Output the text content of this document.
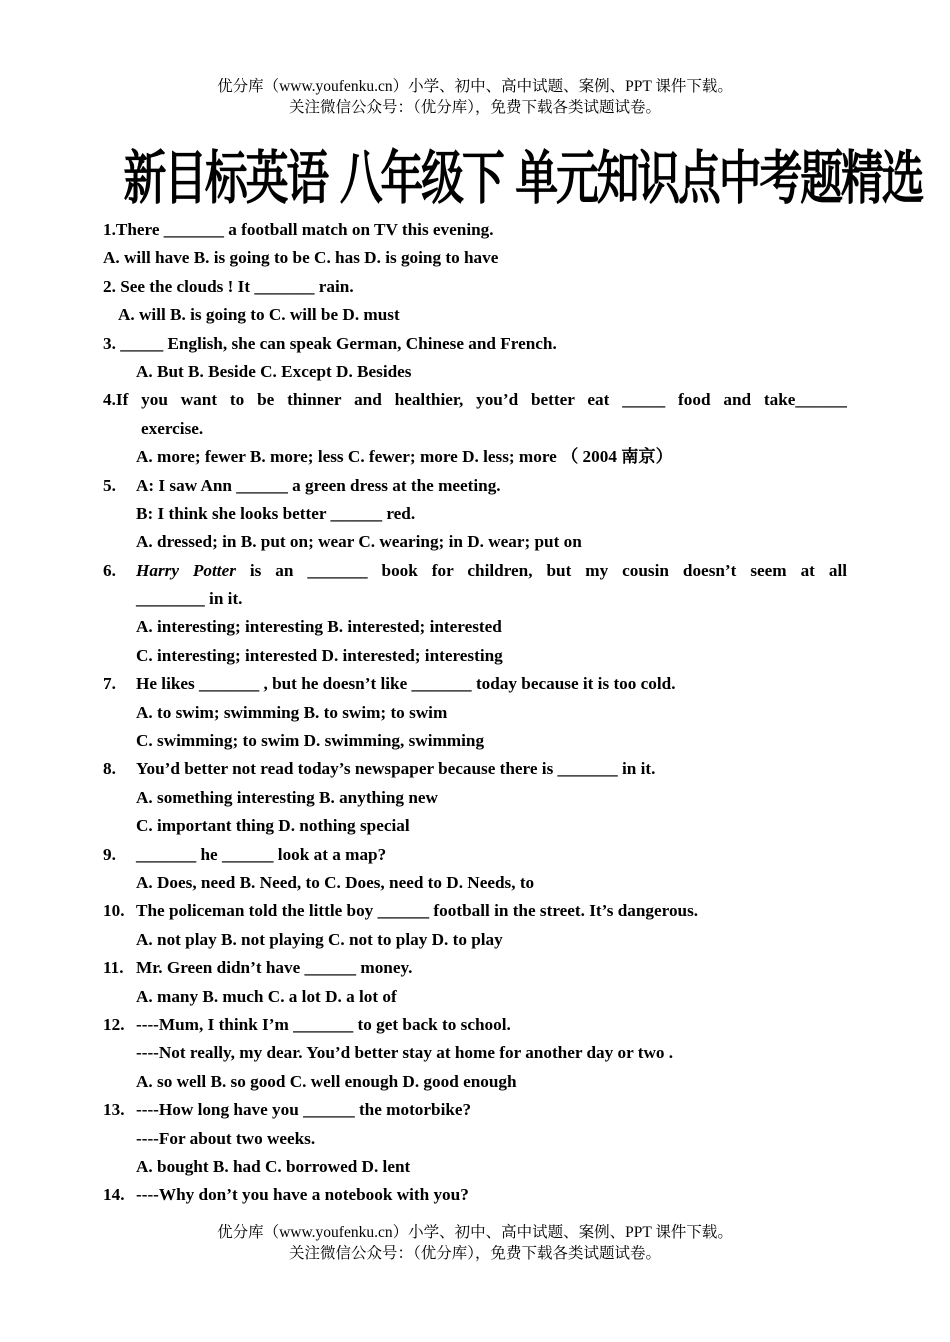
优分库（www.youfenku.cn）小学、初中、高中试题、案例、PPT 课件下载。
关注微信公众号：（优分库），免费下载各类试题试卷。
新目标英语 八年级下 单元知识点中考题精选
1.There _______ a football match on TV this evening.
A. will have B. is going to be C. has D. is going to have
2. See the clouds ! It _______ rain.
A. will B. is going to C. will be D. must
3. _____ English, she can speak German, Chinese and French.
A. But B. Beside C. Except D. Besides
4.If you want to be thinner and healthier, you’d better eat _____ food and take______
exercise.
A. more; fewer B. more; less C. fewer; more D. less; more （ 2004 南京）
5. A: I saw Ann ______ a green dress at the meeting.
B: I think she looks better ______ red.
A. dressed; in B. put on; wear C. wearing; in D. wear; put on
6. Harry Potter is an _______ book for children, but my cousin doesn’t seem at all
________ in it.
A. interesting; interesting B. interested; interested
C. interesting; interested D. interested; interesting
7. He likes _______ , but he doesn’t like _______ today because it is too cold.
A. to swim; swimming B. to swim; to swim
C. swimming; to swim D. swimming, swimming
8. You’d better not read today’s newspaper because there is _______ in it.
A. something interesting B. anything new
C. important thing D. nothing special
9. _______ he ______ look at a map?
A. Does, need B. Need, to C. Does, need to D. Needs, to
10. The policeman told the little boy ______ football in the street. It’s dangerous.
A. not play B. not playing C. not to play D. to play
11. Mr. Green didn’t have ______ money.
A. many B. much C. a lot D. a lot of
12. ----Mum, I think I’m _______ to get back to school.
----Not really, my dear. You’d better stay at home for another day or two .
A. so well B. so good C. well enough D. good enough
13. ----How long have you ______ the motorbike?
----For about two weeks.
A. bought B. had C. borrowed D. lent
14. ----Why don’t you have a notebook with you?
优分库（www.youfenku.cn）小学、初中、高中试题、案例、PPT 课件下载。
关注微信公众号：（优分库），免费下载各类试题试卷。
